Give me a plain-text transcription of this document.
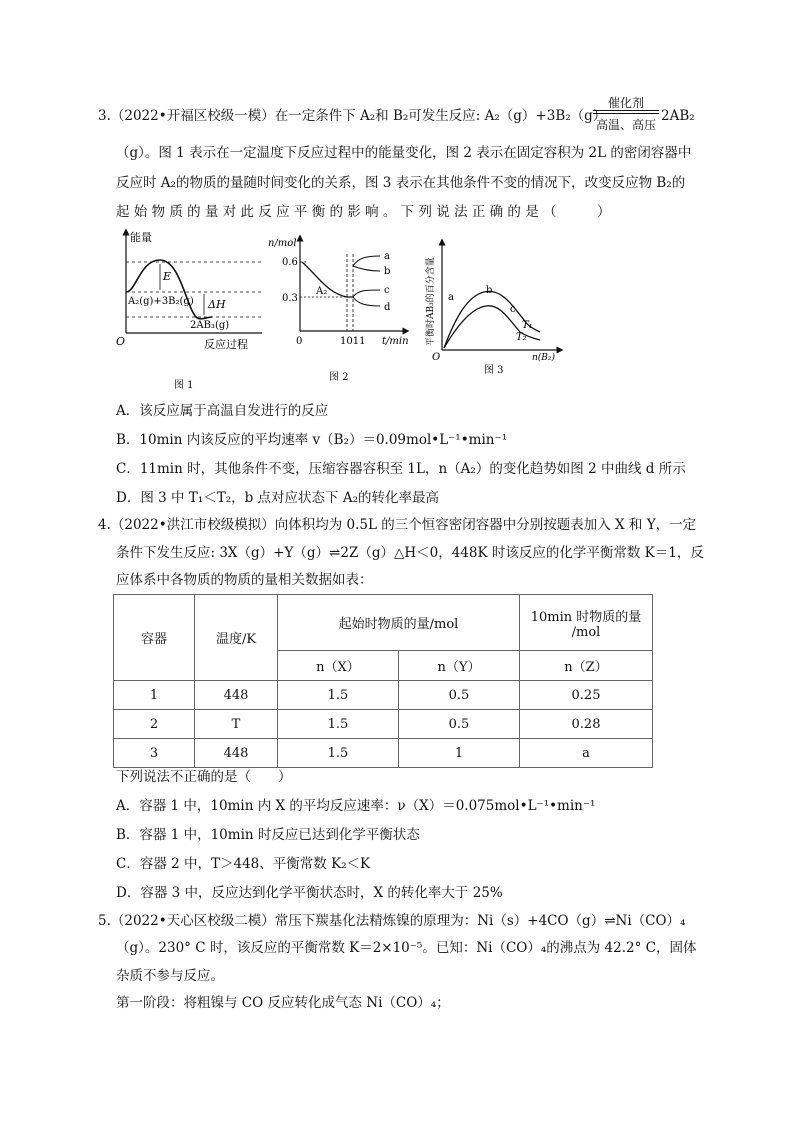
3.（2022•开福区校级一模）在一定条件下 A₂和 B₂可发生反应: A₂（g）+3B₂（g）
催化剂
高温、高压
2AB₂
（g）。图 1 表示在一定温度下反应过程中的能量变化，图 2 表示在固定容积为 2L 的密闭容器中
反应时 A₂的物质的量随时间变化的关系，图 3 表示在其他条件不变的情况下，改变反应物 B₂的
起 始 物 质 的 量 对 此 反 应 平 衡 的 影 响 。 下 列 说 法 正 确 的 是 （　　　）
能量
O	反应过程
E
ΔH
A₂(g)+3B₂(g)
2AB₃(g)
图 1
n/mol
0.6
0.3
0	1011 t/min
A₂
a
b
c
d
图 2
平衡时AB₃的百分含量
O	n(B₂)
a
b
c
T₁
T₂
图 3
A．该反应属于高温自发进行的反应
B．10min 内该反应的平均速率 v（B₂）＝0.09mol•L⁻¹•min⁻¹
C．11min 时，其他条件不变，压缩容器容积至 1L，n（A₂）的变化趋势如图 2 中曲线 d 所示
D．图 3 中 T₁＜T₂，b 点对应状态下 A₂的转化率最高
4.（2022•洪江市校级模拟）向体积均为 0.5L 的三个恒容密闭容器中分别按题表加入 X 和 Y，一定
条件下发生反应: 3X（g）+Y（g）⇌2Z（g）△H＜0，448K 时该反应的化学平衡常数 K＝1，反
应体系中各物质的物质的量相关数据如表：
容器	温度/K	起始时物质的量/mol		10min 时物质的量
/mol

		n（X）	n（Y）	n（Z）
1	448	1.5	0.5	0.25
2	T	1.5	0.5	0.28
3	448	1.5	1	a
下列说法不正确的是（　　）
A．容器 1 中，10min 内 X 的平均反应速率：ν（X）＝0.075mol•L⁻¹•min⁻¹
B．容器 1 中，10min 时反应已达到化学平衡状态
C．容器 2 中，T＞448、平衡常数 K₂＜K
D．容器 3 中，反应达到化学平衡状态时，X 的转化率大于 25%
5.（2022•天心区校级二模）常压下羰基化法精炼镍的原理为：Ni（s）+4CO（g）⇌Ni（CO）₄
（g）。230° C 时，该反应的平衡常数 K＝2×10⁻⁵。已知：Ni（CO）₄的沸点为 42.2° C，固体
杂质不参与反应。
第一阶段：将粗镍与 CO 反应转化成气态 Ni（CO）₄；
